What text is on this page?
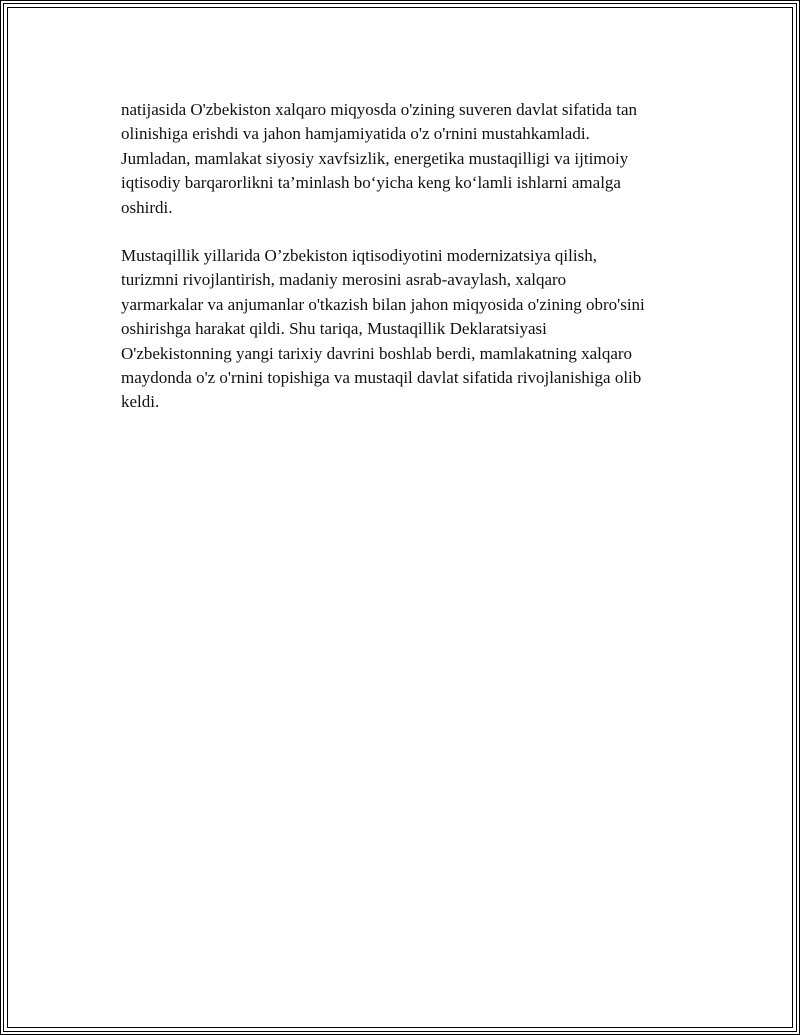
natijasida O'zbekiston xalqaro miqyosda o'zining suveren davlat sifatida tan
olinishiga erishdi va jahon hamjamiyatida o'z o'rnini mustahkamladi.
Jumladan, mamlakat siyosiy xavfsizlik, energetika mustaqilligi va ijtimoiy
iqtisodiy barqarorlikni ta’minlash bo‘yicha keng ko‘lamli ishlarni amalga
oshirdi.

Mustaqillik yillarida O’zbekiston iqtisodiyotini modernizatsiya qilish,
turizmni rivojlantirish, madaniy merosini asrab-avaylash, xalqaro
yarmarkalar va anjumanlar o'tkazish bilan jahon miqyosida o'zining obro'sini
oshirishga harakat qildi. Shu tariqa, Mustaqillik Deklaratsiyasi
O'zbekistonning yangi tarixiy davrini boshlab berdi, mamlakatning xalqaro
maydonda o'z o'rnini topishiga va mustaqil davlat sifatida rivojlanishiga olib
keldi.
